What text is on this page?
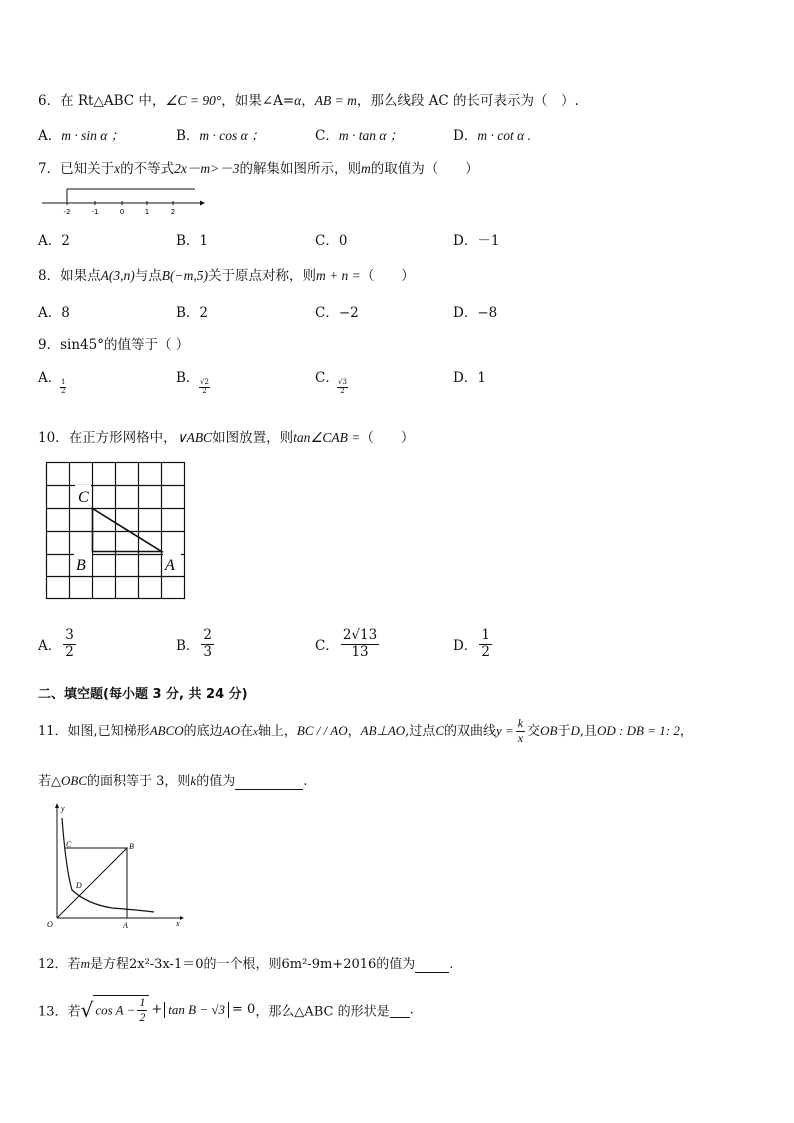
6．在 Rt△ABC 中，∠C = 90°，如果∠A=α，AB = m，那么线段 AC 的长可表示为（　）.
A．m · sin α ；	B．m · cos α ；	C．m · tan α ；	D．m · cot α .
7．已知关于x的不等式2x－m>－3的解集如图所示，则m的取值为（　　）
-2	-1	0	1	2
A．2	B．1	C．0	D．－1
8．如果点A(3,n)与点B(−m,5)关于原点对称，则m + n =（　　）
A．8	B．2	C．−2	D．−8
9．sin45°的值等于（ ）
A．
$\frac{1}{2}$
B．
$\frac{√2}{2}$
C．
$\frac{√3}{2}$
D．1
10．在正方形网格中，∨ABC如图放置，则tan∠CAB =（　　）
C
B	A
A． $\frac{3}{2}$	B． $\frac{2}{3}$	C． $\frac{2√13}{13}$	D． $\frac{1}{2}$
二、填空题(每小题 3 分, 共 24 分)
11．如图,已知梯形ABCO的底边AO在x轴上，BC / / AO，AB⊥AO,过点C的双曲线$y = \frac{k}{x}$ 交OB于D,且OD : DB = 1: 2，
若△OBC的面积等于 3，则k的值为	.
y
x
C	B
D
O	A
12．若m是方程2x²-3x-1＝0的一个根，则6m²-9m+2016的值为	.
13．若√ $\cos A - \frac{1}{2} + \tan B - √3 = 0$，那么△ABC 的形状是 .
